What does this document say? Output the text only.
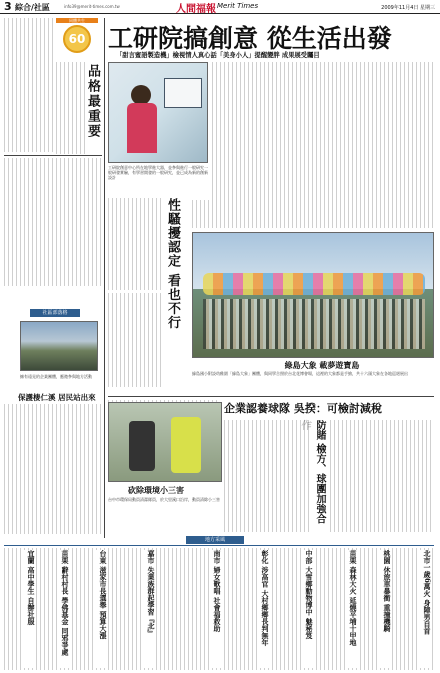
3 綜合/社區	info39@merit-times.com.tw	人間福報 Merit Times	2009年11月4日 星期三
同體共生
60
品格最重要
社區部落格
擁有遠見的企業團體，應邀參與地方活動
保護棲仁溪 居民站出來
工研院搞創意 從生活出發
「甜言蜜語製造機」檢視情人真心話「美身小人」提醒變胖 成果展受矚目
工研院創意中心所在地學進大器，並參與進行一般研究一般研發實驗，有學習開發的一般研究，並已成為新的創新設計
性騷擾認定 看也不行
綠島大象 載夢遊寶島
綠島國小附設幼稚園「綠島大象」團體，與同學合照於台北花博會場，這裡的大象都是手繪，共十六頭大象在各地巡迴展出
企業認養球隊 吳揆：可檢討減稅
防賭 檢方、球團加強合
砍除環境小三害
台中市環保局動員清潔隊員，於大里溪口沿岸，動員清除小三害
地方采風
北市一歲6萬火 身障男自首
桃園 休旅車暴衝 重撞機騎
苗栗 森林大火 延燒平埔十甲地
中部 大雪鄉動物博中 魅秘笈
彰化 涉高官 大村鄉鄉長判無年
南市 婦女歌唱 社會福救助
嘉市 失業族群起學習『北』
台東 滋家市長選舉 預算大漲
苗栗 辭村村長 學佛基金 同邪爭處
宜蘭 高中學生 自辦社服
